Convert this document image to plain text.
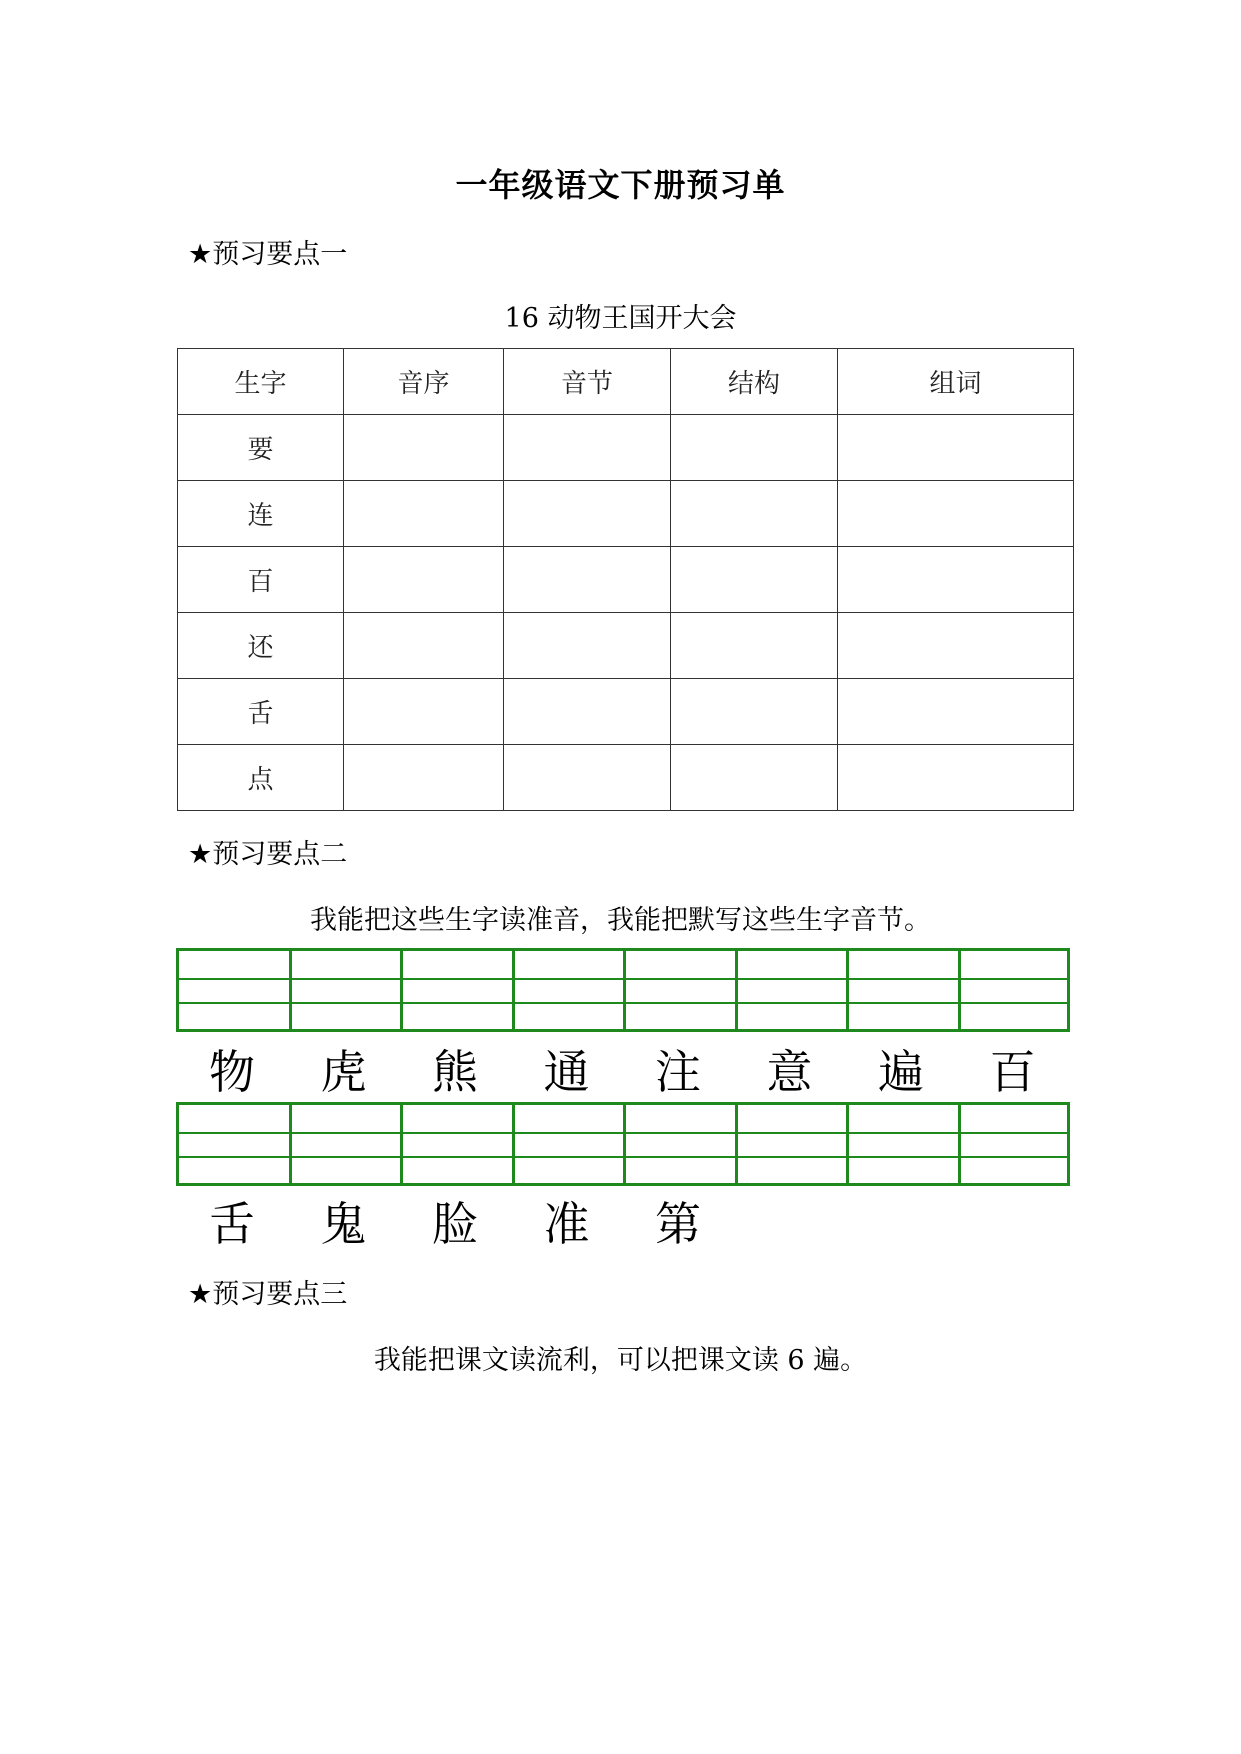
一年级语文下册预习单
★预习要点一
16 动物王国开大会
生字	音序	音节	结构	组词
要				
连				
百				
还				
舌				
点				
★预习要点二
我能把这些生字读准音，我能把默写这些生字音节。
物	虎	熊	通	注	意	遍	百
舌	鬼	脸	准	第
★预习要点三
我能把课文读流利，可以把课文读 6 遍。
